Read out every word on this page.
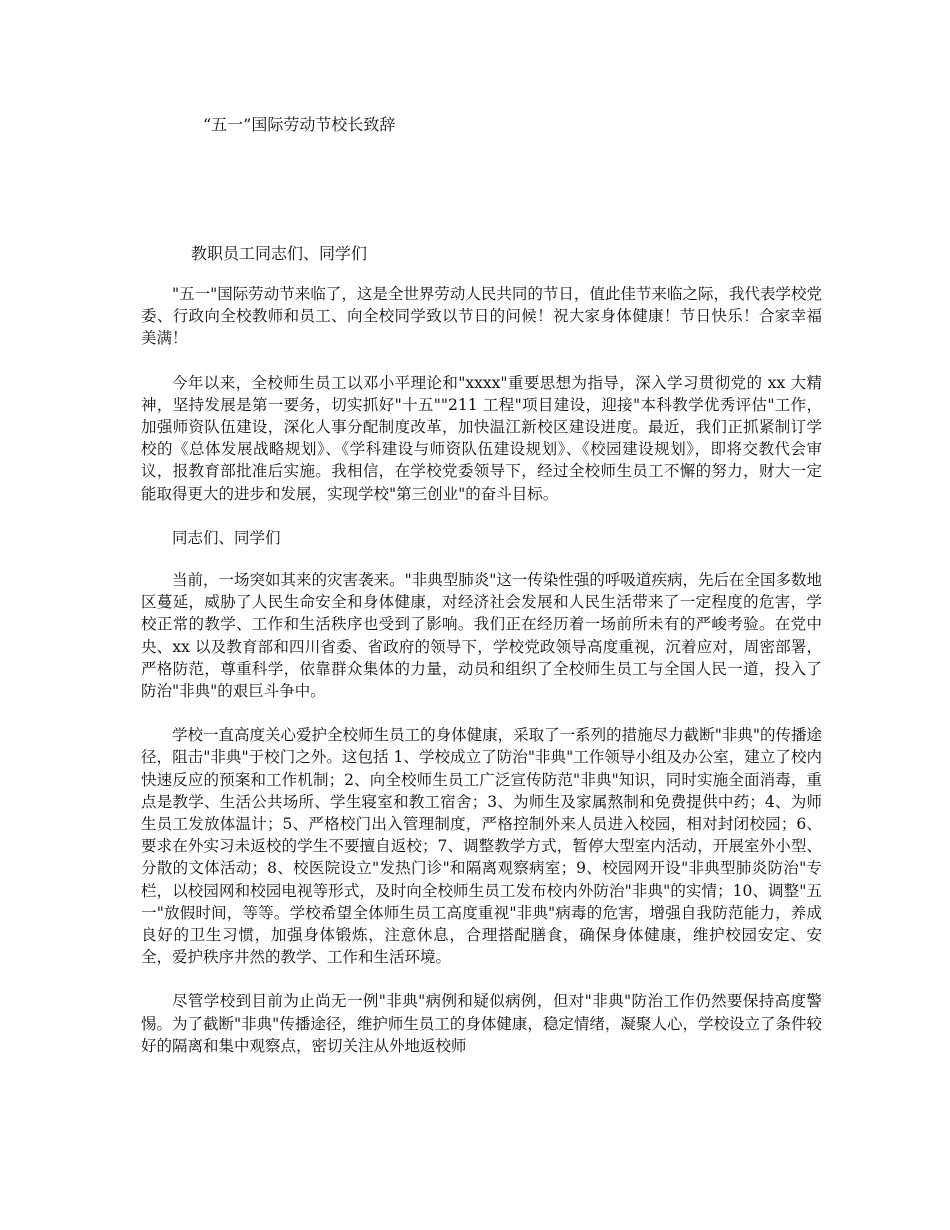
“五一”国际劳动节校长致辞
教职员工同志们、同学们

"五一"国际劳动节来临了，这是全世界劳动人民共同的节日，值此佳节来临之际，我代表学校党委、行政向全校教师和员工、向全校同学致以节日的问候！祝大家身体健康！节日快乐！合家幸福美满！

今年以来，全校师生员工以邓小平理论和"xxxx"重要思想为指导，深入学习贯彻党的 xx 大精神，坚持发展是第一要务，切实抓好"十五""211 工程"项目建设，迎接"本科教学优秀评估"工作，加强师资队伍建设，深化人事分配制度改革，加快温江新校区建设进度。最近，我们正抓紧制订学校的《总体发展战略规划》、《学科建设与师资队伍建设规划》、《校园建设规划》，即将交教代会审议，报教育部批准后实施。我相信，在学校党委领导下，经过全校师生员工不懈的努力，财大一定能取得更大的进步和发展，实现学校"第三创业"的奋斗目标。

同志们、同学们

当前，一场突如其来的灾害袭来。"非典型肺炎"这一传染性强的呼吸道疾病，先后在全国多数地区蔓延，威胁了人民生命安全和身体健康，对经济社会发展和人民生活带来了一定程度的危害，学校正常的教学、工作和生活秩序也受到了影响。我们正在经历着一场前所未有的严峻考验。在党中央、xx 以及教育部和四川省委、省政府的领导下，学校党政领导高度重视，沉着应对，周密部署，严格防范，尊重科学，依靠群众集体的力量，动员和组织了全校师生员工与全国人民一道，投入了防治"非典"的艰巨斗争中。

学校一直高度关心爱护全校师生员工的身体健康，采取了一系列的措施尽力截断"非典"的传播途径，阻击"非典"于校门之外。这包括 1、学校成立了防治"非典"工作领导小组及办公室，建立了校内快速反应的预案和工作机制；2、向全校师生员工广泛宣传防范"非典"知识，同时实施全面消毒，重点是教学、生活公共场所、学生寝室和教工宿舍；3、为师生及家属熬制和免费提供中药；4、为师生员工发放体温计；5、严格校门出入管理制度，严格控制外来人员进入校园，相对封闭校园；6、要求在外实习未返校的学生不要擅自返校；7、调整教学方式，暂停大型室内活动，开展室外小型、分散的文体活动；8、校医院设立"发热门诊"和隔离观察病室；9、校园网开设"非典型肺炎防治"专栏，以校园网和校园电视等形式，及时向全校师生员工发布校内外防治"非典"的实情；10、调整"五一"放假时间，等等。学校希望全体师生员工高度重视"非典"病毒的危害，增强自我防范能力，养成良好的卫生习惯，加强身体锻炼，注意休息，合理搭配膳食，确保身体健康，维护校园安定、安全，爱护秩序井然的教学、工作和生活环境。

尽管学校到目前为止尚无一例"非典"病例和疑似病例，但对"非典"防治工作仍然要保持高度警惕。为了截断"非典"传播途径，维护师生员工的身体健康，稳定情绪，凝聚人心，学校设立了条件较好的隔离和集中观察点，密切关注从外地返校师
